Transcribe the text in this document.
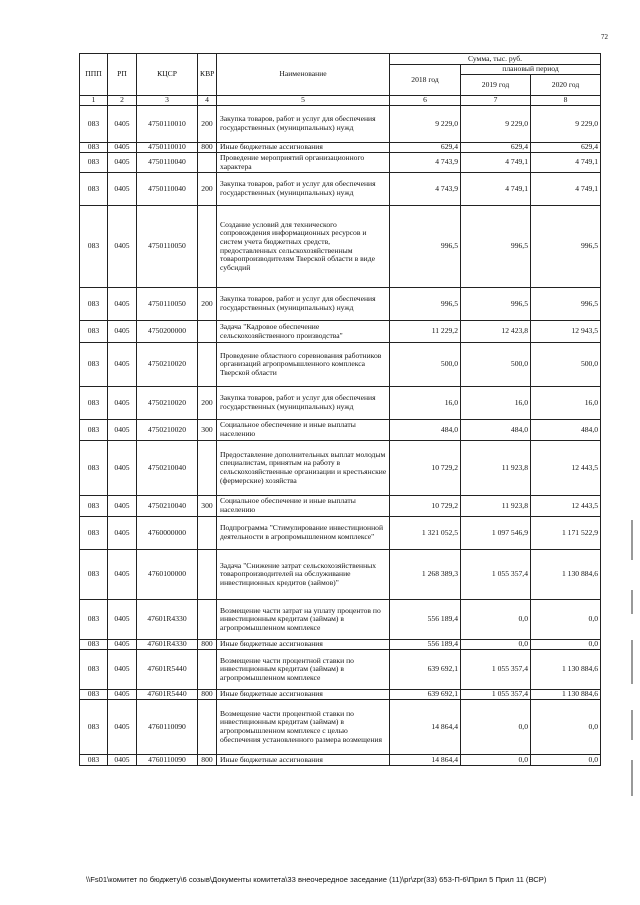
72
ППП	РП	КЦСР	КВР	Наименование	Сумма, тыс. руб.		
					2018 год	плановый период	
						2019 год	2020 год
1	2	3	4	5	6	7	8
083	0405	4750110010	200	Закупка товаров, работ и услуг для обеспечения государственных (муниципальных) нужд	9 229,0	9 229,0	9 229,0
083	0405	4750110010	800	Иные бюджетные ассигнования	629,4	629,4	629,4
083	0405	4750110040		Проведение мероприятий организационного характера	4 743,9	4 749,1	4 749,1
083	0405	4750110040	200	Закупка товаров, работ и услуг для обеспечения государственных (муниципальных) нужд	4 743,9	4 749,1	4 749,1
083	0405	4750110050		Создание условий для технического сопровождения информационных ресурсов и систем учета бюджетных средств, предоставленных сельскохозяйственным товаропроизводителям Тверской области в виде субсидий	996,5	996,5	996,5
083	0405	4750110050	200	Закупка товаров, работ и услуг для обеспечения государственных (муниципальных) нужд	996,5	996,5	996,5
083	0405	4750200000		Задача "Кадровое обеспечение сельскохозяйственного производства"	11 229,2	12 423,8	12 943,5
083	0405	4750210020		Проведение областного соревнования работников организаций агропромышленного комплекса Тверской области	500,0	500,0	500,0
083	0405	4750210020	200	Закупка товаров, работ и услуг для обеспечения государственных (муниципальных) нужд	16,0	16,0	16,0
083	0405	4750210020	300	Социальное обеспечение и иные выплаты населению	484,0	484,0	484,0
083	0405	4750210040		Предоставление дополнительных выплат молодым специалистам, принятым на работу в сельскохозяйственные организации и крестьянские (фермерские) хозяйства	10 729,2	11 923,8	12 443,5
083	0405	4750210040	300	Социальное обеспечение и иные выплаты населению	10 729,2	11 923,8	12 443,5
083	0405	4760000000		Подпрограмма "Стимулирование инвестиционной деятельности в агропромышленном комплексе"	1 321 052,5	1 097 546,9	1 171 522,9
083	0405	4760100000		Задача "Снижение затрат сельскохозяйственных товаропроизводителей на обслуживание инвестиционных кредитов (займов)"	1 268 389,3	1 055 357,4	1 130 884,6
083	0405	47601R4330		Возмещение части затрат на уплату процентов по инвестиционным кредитам (займам) в агропромышленном комплексе	556 189,4	0,0	0,0
083	0405	47601R4330	800	Иные бюджетные ассигнования	556 189,4	0,0	0,0
083	0405	47601R5440		Возмещение части процентной ставки по инвестиционным кредитам (займам) в агропромышленном комплексе	639 692,1	1 055 357,4	1 130 884,6
083	0405	47601R5440	800	Иные бюджетные ассигнования	639 692,1	1 055 357,4	1 130 884,6
083	0405	4760110090		Возмещение части процентной ставки по инвестиционным кредитам (займам) в агропромышленном комплексе с целью обеспечения установленного размера возмещения	14 864,4	0,0	0,0
083	0405	4760110090	800	Иные бюджетные ассигнования	14 864,4	0,0	0,0
\\Fs01\комитет по бюджету\6 созыв\Документы комитета\33 внеочередное заседание (11)\pr\zpr(33) 653-П-6\Прил 5 Прил 11 (ВСР)
